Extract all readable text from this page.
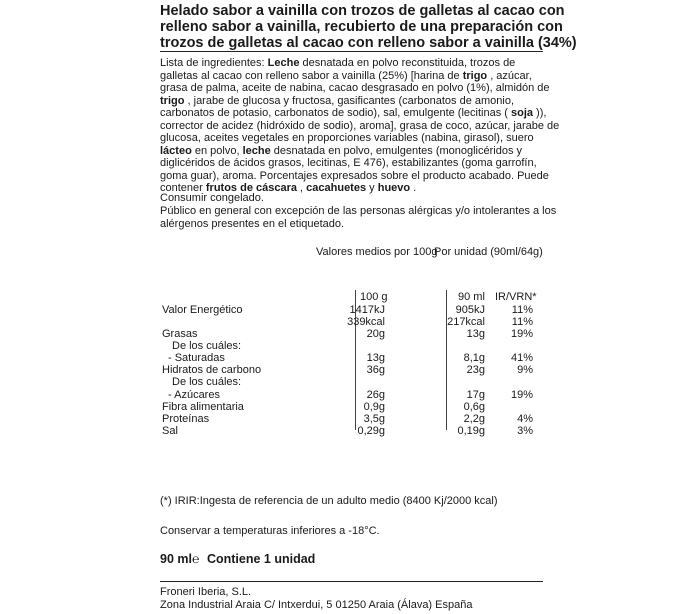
Helado sabor a vainilla con trozos de galletas al cacao con
relleno sabor a vainilla, recubierto de una preparación con
trozos de galletas al cacao con relleno sabor a vainilla (34%)
Lista de ingredientes: Leche desnatada en polvo reconstituida, trozos de
galletas al cacao con relleno sabor a vainilla (25%) [harina de trigo , azúcar,
grasa de palma, aceite de nabina, cacao desgrasado en polvo (1%), almidón de
trigo , jarabe de glucosa y fructosa, gasificantes (carbonatos de amonio,
carbonatos de potasio, carbonatos de sodio), sal, emulgente (lecitinas ( soja )),
corrector de acidez (hidróxido de sodio), aroma], grasa de coco, azúcar, jarabe de
glucosa, aceites vegetales en proporciones variables (nabina, girasol), suero
lácteo en polvo, leche desnatada en polvo, emulgentes (monoglicéridos y
diglicéridos de ácidos grasos, lecitinas, E 476), estabilizantes (goma garrofín,
goma guar), aroma. Porcentajes expresados sobre el producto acabado. Puede
contener frutos de cáscara , cacahuetes y huevo .
Consumir congelado.
Público en general con excepción de las personas alérgicas y/o intolerantes a los
alérgenos presentes en el etiquetado.
Valores medios por 100g
Por unidad (90ml/64g)
100 g	90 ml IR/VRN*
Valor Energético	1417kJ	905kJ	11%
339kcal	217kcal	11%
Grasas	20g	13g	19%
De los cuáles:
- Saturadas	13g	8,1g	41%
Hidratos de carbono	36g	23g	9%
De los cuáles:
- Azúcares	26g	17g	19%
Fibra alimentaria	0,9g	0,6g
Proteínas	3,5g	2,2g	4%
Sal	0,29g	0,19g	3%
(*) IRIR:Ingesta de referencia de un adulto medio (8400 Kj/2000 kcal)
Conservar a temperaturas inferiores a -18°C.
90 ml℮ Contiene 1 unidad
Froneri Iberia, S.L.
Zona Industrial Araia C/ Intxerdui, 5 01250 Araia (Álava) España
